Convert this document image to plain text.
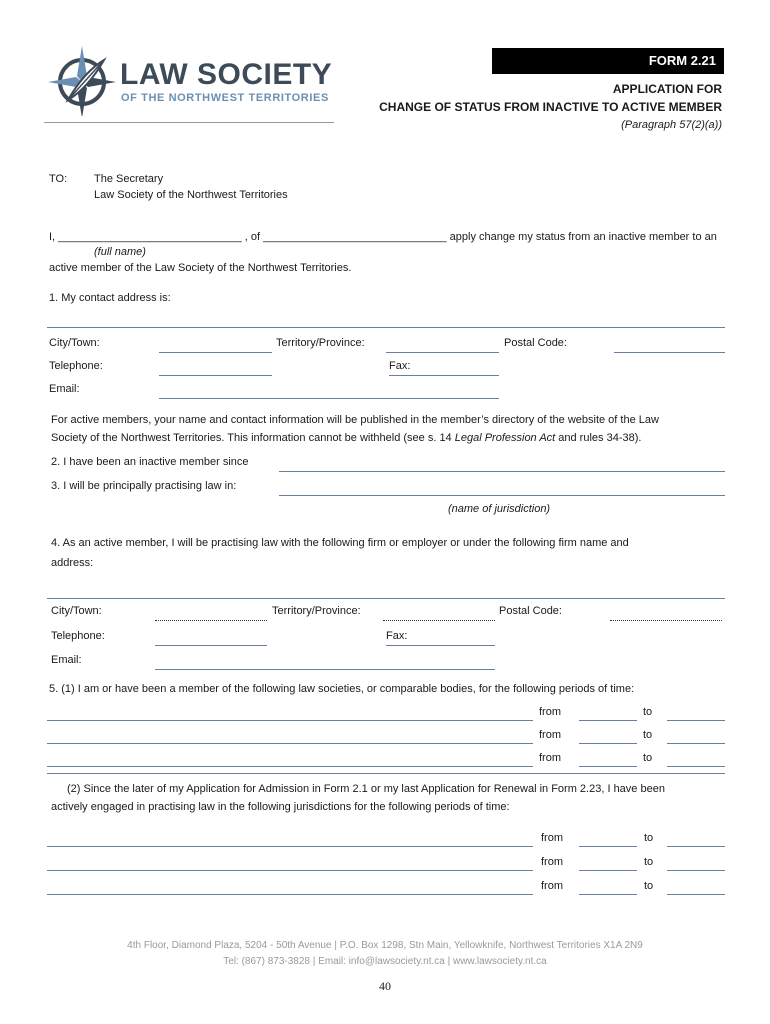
LAW SOCIETY
OF THE NORTHWEST TERRITORIES
FORM 2.21
APPLICATION FOR
CHANGE OF STATUS FROM INACTIVE TO ACTIVE MEMBER
(Paragraph 57(2)(a))
TO: The Secretary
Law Society of the Northwest Territories
I, ______________________________ , of ______________________________ apply change my status from an inactive member to an
(full name)
active member of the Law Society of the Northwest Territories.
1. My contact address is:
City/Town:	Territory/Province:	Postal Code:
Telephone:	Fax:
Email:
For active members, your name and contact information will be published in the member’s directory of the website of the Law
Society of the Northwest Territories. This information cannot be withheld (see s. 14 Legal Profession Act and rules 34-38).
2. I have been an inactive member since
3. I will be principally practising law in:
(name of jurisdiction)
4. As an active member, I will be practising law with the following firm or employer or under the following firm name and
address:
City/Town:	Territory/Province:	Postal Code:
Telephone:	Fax:
Email:
5. (1) I am or have been a member of the following law societies, or comparable bodies, for the following periods of time:
from	to
from	to
from	to
(2) Since the later of my Application for Admission in Form 2.1 or my last Application for Renewal in Form 2.23, I have been
actively engaged in practising law in the following jurisdictions for the following periods of time:
from	to
from	to
from	to
4th Floor, Diamond Plaza, 5204 - 50th Avenue | P.O. Box 1298, Stn Main, Yellowknife, Northwest Territories X1A 2N9
Tel: (867) 873-3828 | Email: info@lawsociety.nt.ca | www.lawsociety.nt.ca
40
